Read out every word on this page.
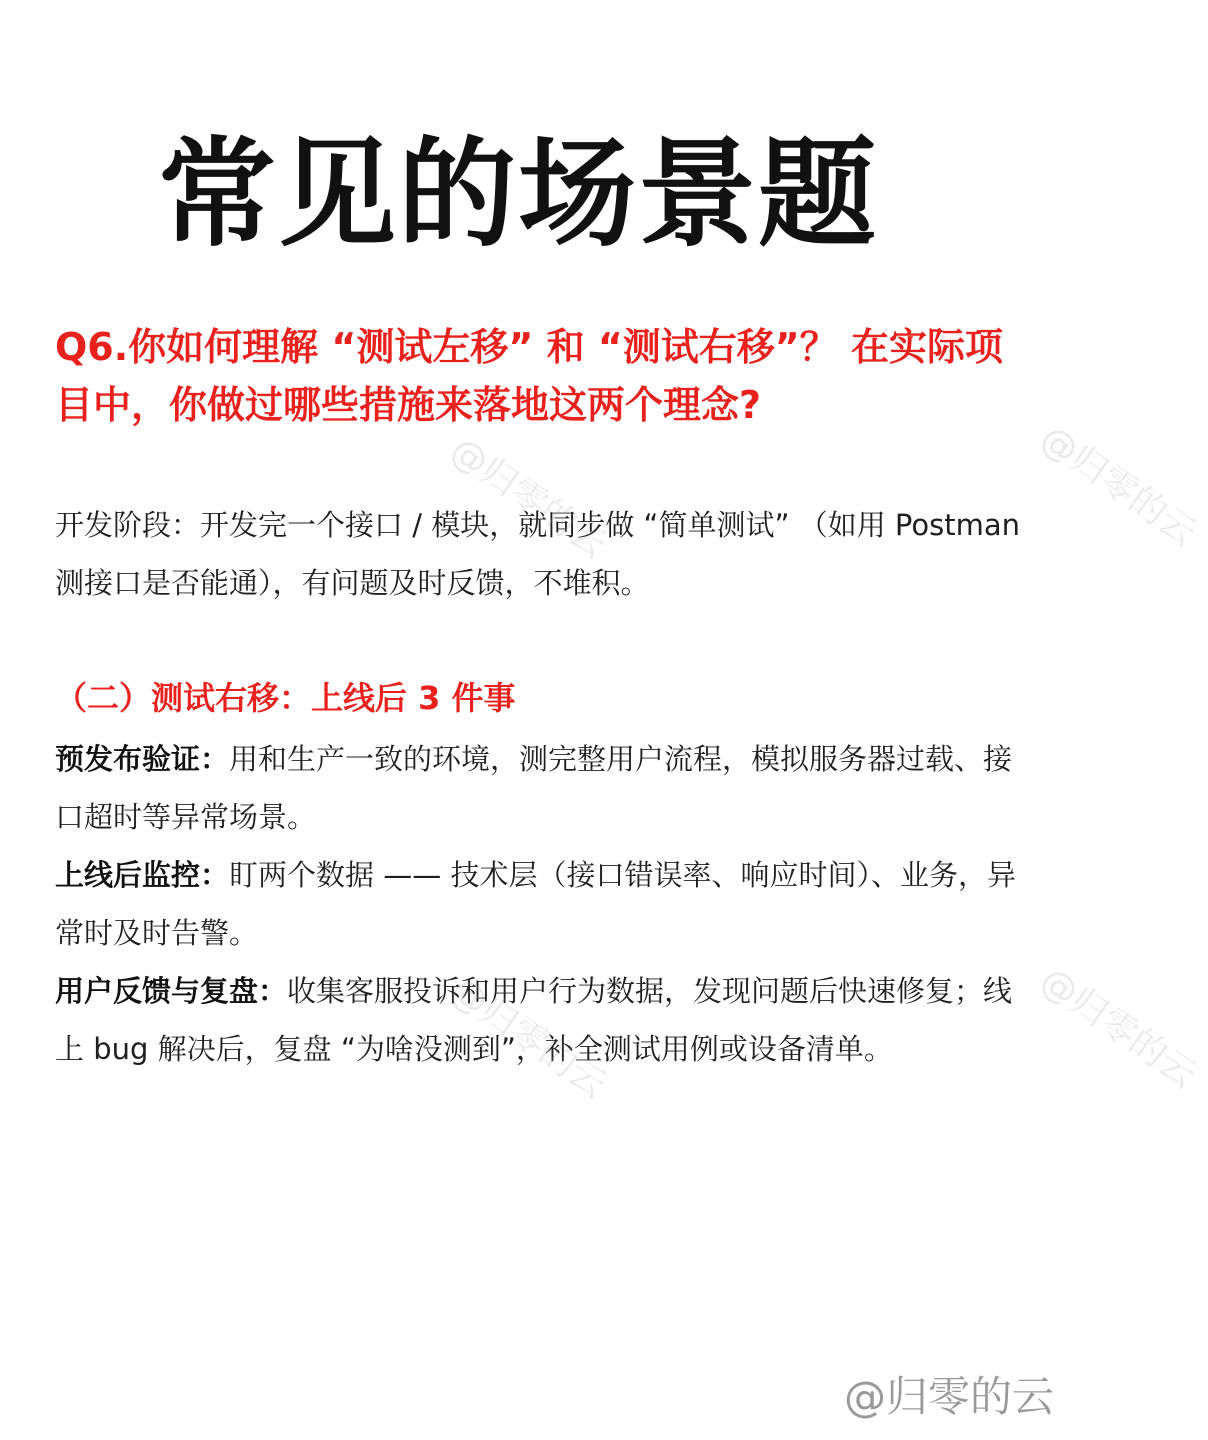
常见的场景题
Q6.你如何理解 “测试左移” 和 “测试右移”？ 在实际项目中，你做过哪些措施来落地这两个理念?
开发阶段：开发完一个接口 / 模块，就同步做 “简单测试” （如用 Postman 测接口是否能通），有问题及时反馈，不堆积。
（二）测试右移：上线后 3 件事
预发布验证：用和生产一致的环境，测完整用户流程，模拟服务器过载、接口超时等异常场景。
上线后监控：盯两个数据 —— 技术层（接口错误率、响应时间）、业务，异常时及时告警。
用户反馈与复盘：收集客服投诉和用户行为数据，发现问题后快速修复；线上 bug 解决后，复盘 “为啥没测到”，补全测试用例或设备清单。
@归零的云	@归零的云
@归零的云	@归零的云
@归零的云
